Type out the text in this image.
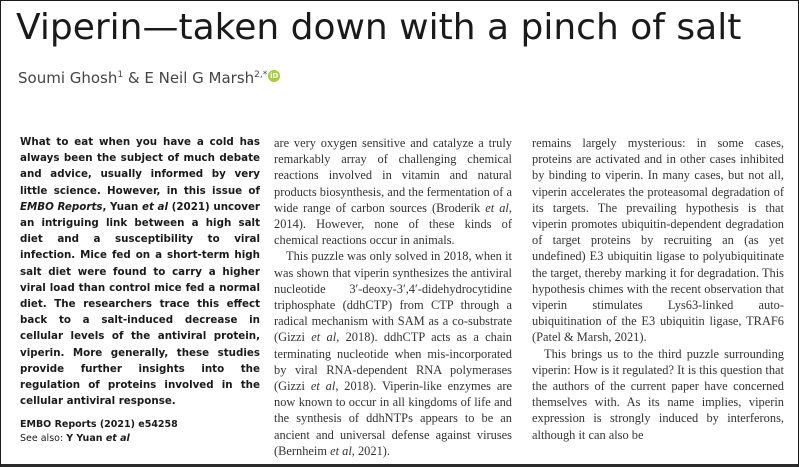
Viperin—taken down with a pinch of salt
Soumi Ghosh$^1$ & E Neil G Marsh$^{2,*}$ iD
What to eat when you have a cold has always been the subject of much debate and advice, usually informed by very little science. However, in this issue of EMBO Reports, Yuan et al (2021) uncover an intriguing link between a high salt diet and a susceptibility to viral infection. Mice fed on a short-term high salt diet were found to carry a higher viral load than control mice fed a normal diet. The researchers trace this effect back to a salt-induced decrease in cellular levels of the antiviral protein, viperin. More generally, these studies provide further insights into the regulation of proteins involved in the cellular antiviral response.
EMBO Reports (2021) e54258
See also: Y Yuan et al

are very oxygen sensitive and catalyze a truly remarkably array of challenging chemical reactions involved in vitamin and natural products biosynthesis, and the fermentation of a wide range of carbon sources (Broderik et al, 2014). However, none of these kinds of chemical reactions occur in animals.

This puzzle was only solved in 2018, when it was shown that viperin synthesizes the antiviral nucleotide 3′-deoxy-3′,4′-didehydrocytidine triphosphate (ddhCTP) from CTP through a radical mechanism with SAM as a co-substrate (Gizzi et al, 2018). ddhCTP acts as a chain terminating nucleotide when mis-incorporated by viral RNA-dependent RNA polymerases (Gizzi et al, 2018). Viperin-like enzymes are now known to occur in all kingdoms of life and the synthesis of ddhNTPs appears to be an ancient and universal defense against viruses (Bernheim et al, 2021).

remains largely mysterious: in some cases, proteins are activated and in other cases inhibited by binding to viperin. In many cases, but not all, viperin accelerates the proteasomal degradation of its targets. The prevailing hypothesis is that viperin promotes ubiquitin-dependent degradation of target proteins by recruiting an (as yet undefined) E3 ubiquitin ligase to polyubiquitinate the target, thereby marking it for degradation. This hypothesis chimes with the recent observation that viperin stimulates Lys63-linked auto-ubiquitination of the E3 ubiquitin ligase, TRAF6 (Patel & Marsh, 2021).

This brings us to the third puzzle surrounding viperin: How is it regulated? It is this question that the authors of the current paper have concerned themselves with. As its name implies, viperin expression is strongly induced by interferons, although it can also be
